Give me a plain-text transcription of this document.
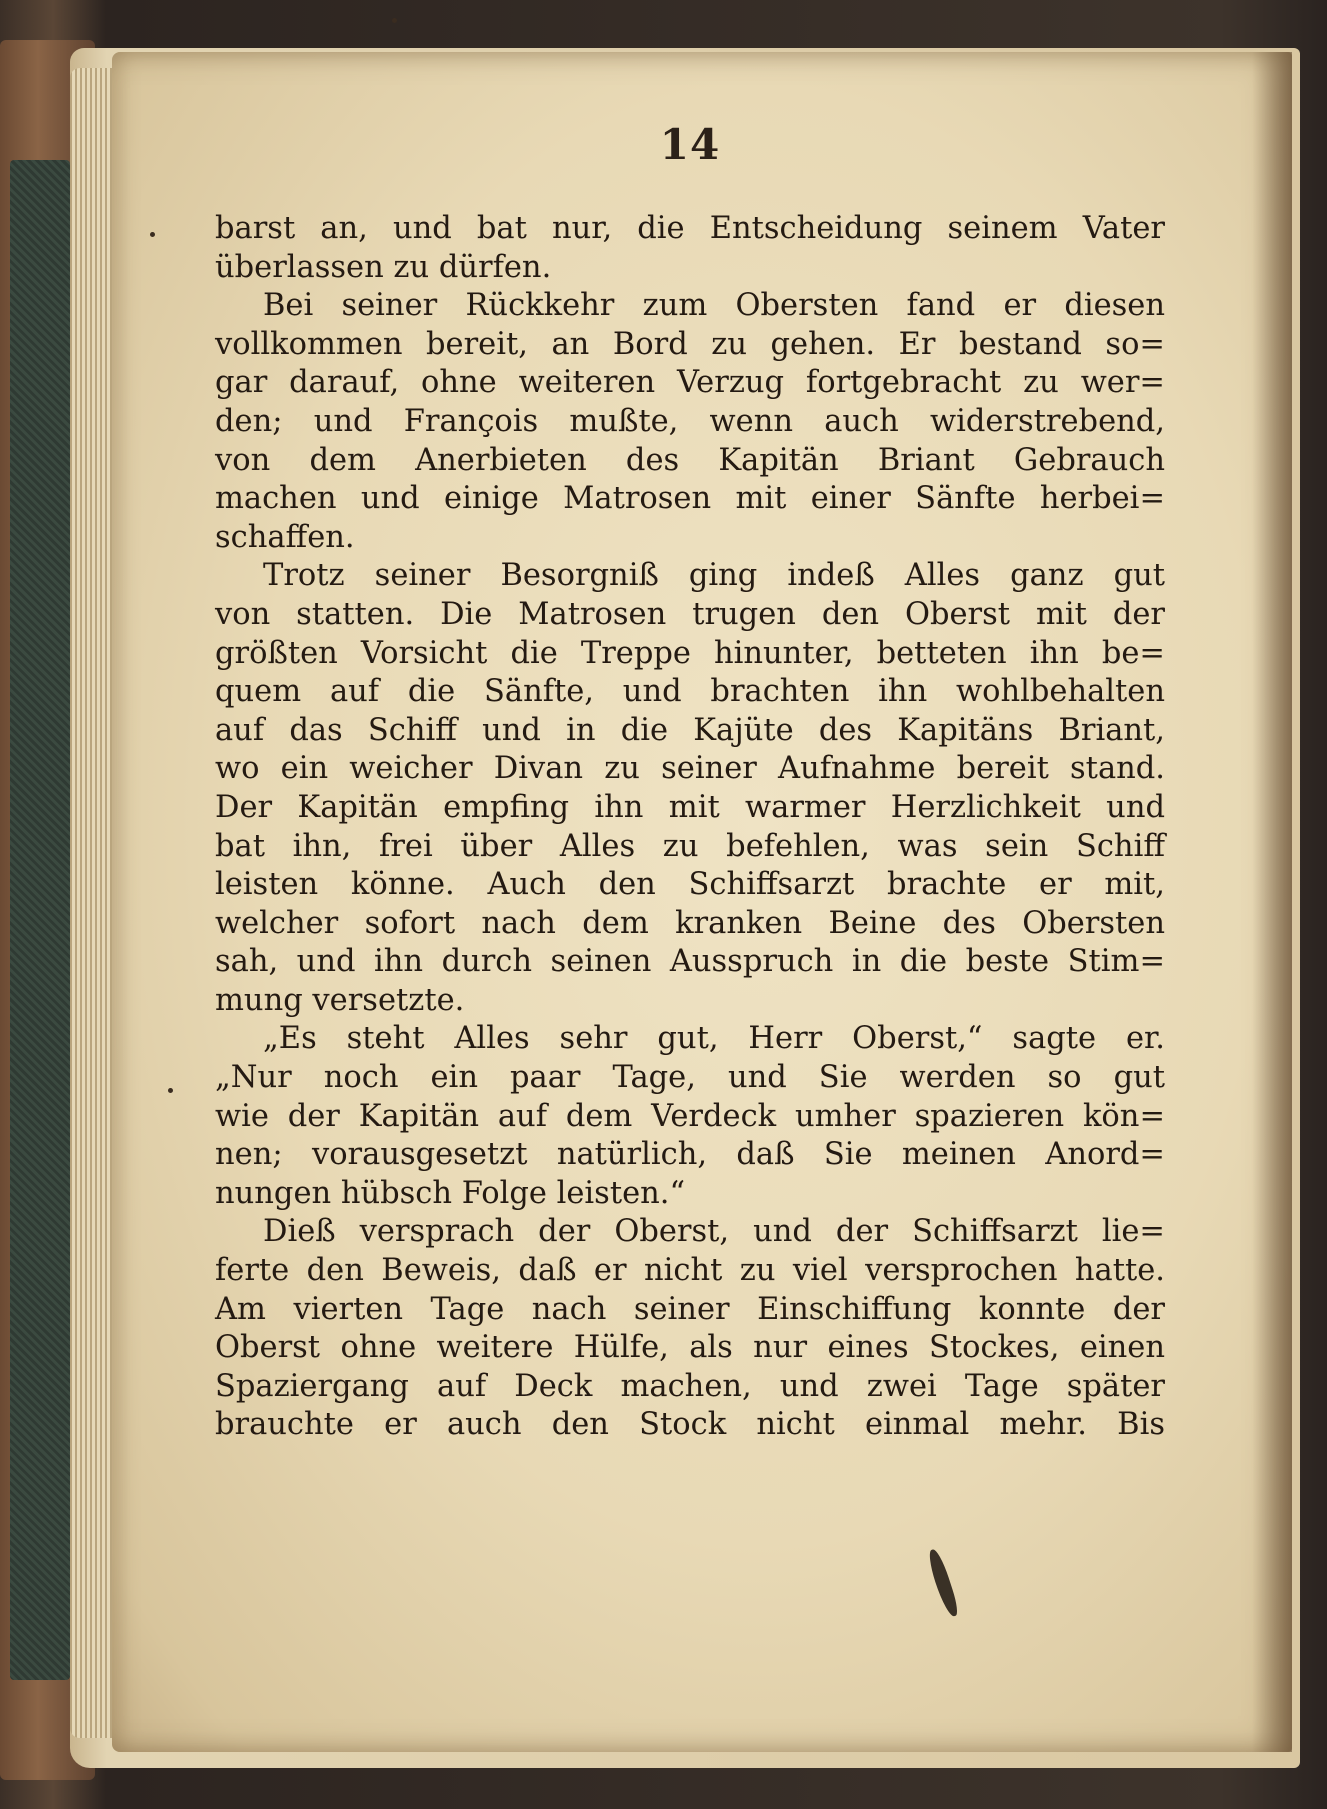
14
barst an, und bat nur, die Entscheidung seinem Vater
überlassen zu dürfen.
Bei seiner Rückkehr zum Obersten fand er diesen
vollkommen bereit, an Bord zu gehen. Er bestand so=
gar darauf, ohne weiteren Verzug fortgebracht zu wer=
den; und François mußte, wenn auch widerstrebend,
von dem Anerbieten des Kapitän Briant Gebrauch
machen und einige Matrosen mit einer Sänfte herbei=
schaffen.
Trotz seiner Besorgniß ging indeß Alles ganz gut
von statten. Die Matrosen trugen den Oberst mit der
größten Vorsicht die Treppe hinunter, betteten ihn be=
quem auf die Sänfte, und brachten ihn wohlbehalten
auf das Schiff und in die Kajüte des Kapitäns Briant,
wo ein weicher Divan zu seiner Aufnahme bereit stand.
Der Kapitän empfing ihn mit warmer Herzlichkeit und
bat ihn, frei über Alles zu befehlen, was sein Schiff
leisten könne. Auch den Schiffsarzt brachte er mit,
welcher sofort nach dem kranken Beine des Obersten
sah, und ihn durch seinen Ausspruch in die beste Stim=
mung versetzte.
„Es steht Alles sehr gut, Herr Oberst,“ sagte er.
„Nur noch ein paar Tage, und Sie werden so gut
wie der Kapitän auf dem Verdeck umher spazieren kön=
nen; vorausgesetzt natürlich, daß Sie meinen Anord=
nungen hübsch Folge leisten.“
Dieß versprach der Oberst, und der Schiffsarzt lie=
ferte den Beweis, daß er nicht zu viel versprochen hatte.
Am vierten Tage nach seiner Einschiffung konnte der
Oberst ohne weitere Hülfe, als nur eines Stockes, einen
Spaziergang auf Deck machen, und zwei Tage später
brauchte er auch den Stock nicht einmal mehr. Bis
